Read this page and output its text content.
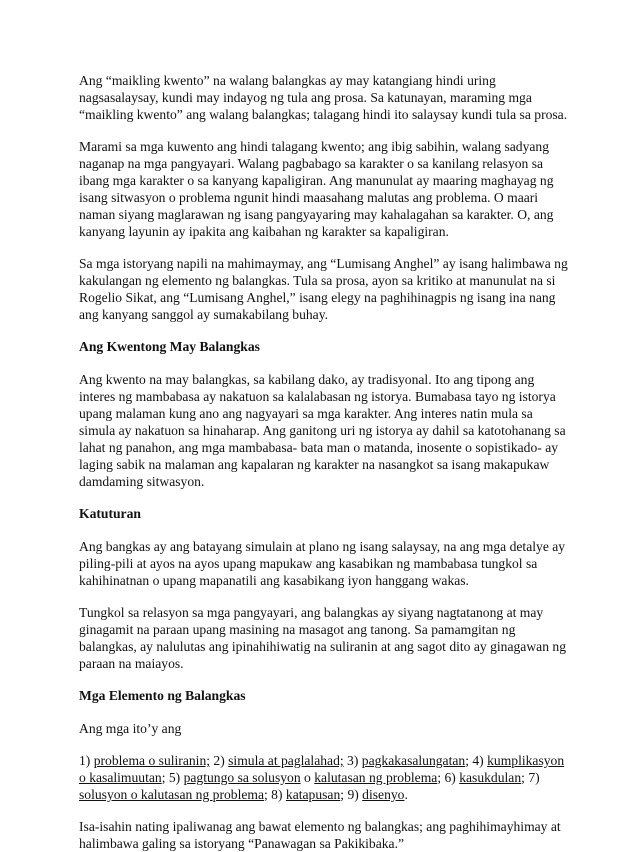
Ang “maikling kwento” na walang balangkas ay may katangiang hindi uring nagsasalaysay, kundi may indayog ng tula ang prosa. Sa katunayan, maraming mga “maikling kwento” ang walang balangkas; talagang hindi ito salaysay kundi tula sa prosa.

Marami sa mga kuwento ang hindi talagang kwento; ang ibig sabihin, walang sadyang naganap na mga pangyayari. Walang pagbabago sa karakter o sa kanilang relasyon sa ibang mga karakter o sa kanyang kapaligiran. Ang manunulat ay maaring maghayag ng isang sitwasyon o problema ngunit hindi maasahang malutas ang problema. O maari naman siyang maglarawan ng isang pangyayaring may kahalagahan sa karakter. O, ang kanyang layunin ay ipakita ang kaibahan ng karakter sa kapaligiran.

Sa mga istoryang napili na mahimaymay, ang “Lumisang Anghel” ay isang halimbawa ng kakulangan ng elemento ng balangkas. Tula sa prosa, ayon sa kritiko at manunulat na si Rogelio Sikat, ang “Lumisang Anghel,” isang elegy na paghihinagpis ng isang ina nang ang kanyang sanggol ay sumakabilang buhay.

Ang Kwentong May Balangkas

Ang kwento na may balangkas, sa kabilang dako, ay tradisyonal. Ito ang tipong ang interes ng mambabasa ay nakatuon sa kalalabasan ng istorya. Bumabasa tayo ng istorya upang malaman kung ano ang nagyayari sa mga karakter. Ang interes natin mula sa simula ay nakatuon sa hinaharap. Ang ganitong uri ng istorya ay dahil sa katotohanang sa lahat ng panahon, ang mga mambabasa- bata man o matanda, inosente o sopistikado- ay laging sabik na malaman ang kapalaran ng karakter na nasangkot sa isang makapukaw damdaming sitwasyon.

Katuturan

Ang bangkas ay ang batayang simulain at plano ng isang salaysay, na ang mga detalye ay piling-pili at ayos na ayos upang mapukaw ang kasabikan ng mambabasa tungkol sa kahihinatnan o upang mapanatili ang kasabikang iyon hanggang wakas.

Tungkol sa relasyon sa mga pangyayari, ang balangkas ay siyang nagtatanong at may ginagamit na paraan upang masining na masagot ang tanong. Sa pamamgitan ng balangkas, ay nalulutas ang ipinahihiwatig na suliranin at ang sagot dito ay ginagawan ng paraan na maiayos.

Mga Elemento ng Balangkas

Ang mga ito’y ang

1) problema o suliranin; 2) simula at paglalahad; 3) pagkakasalungatan; 4) kumplikasyon o kasalimuutan; 5) pagtungo sa solusyon o kalutasan ng problema; 6) kasukdulan; 7) solusyon o kalutasan ng problema; 8) katapusan; 9) disenyo.

Isa-isahin nating ipaliwanag ang bawat elemento ng balangkas; ang paghihimayhimay at halimbawa galing sa istoryang “Panawagan sa Pakikibaka.”
